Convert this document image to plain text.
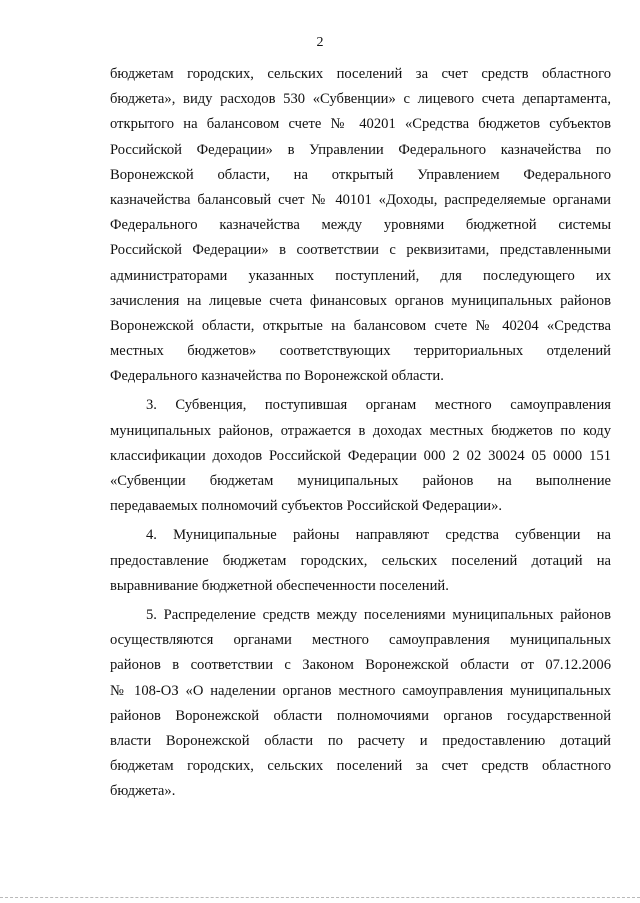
2
бюджетам городских, сельских поселений за счет средств областного
бюджета», виду расходов 530 «Субвенции» с лицевого счета департамента,
открытого на балансовом счете № 40201 «Средства бюджетов субъектов
Российской Федерации» в Управлении Федерального казначейства по
Воронежской области, на открытый Управлением Федерального
казначейства балансовый счет № 40101 «Доходы, распределяемые органами
Федерального казначейства между уровнями бюджетной системы
Российской Федерации» в соответствии с реквизитами, представленными
администраторами указанных поступлений, для последующего их
зачисления на лицевые счета финансовых органов муниципальных районов
Воронежской области, открытые на балансовом счете № 40204 «Средства
местных бюджетов» соответствующих территориальных отделений
Федерального казначейства по Воронежской области.
3. Субвенция, поступившая органам местного самоуправления
муниципальных районов, отражается в доходах местных бюджетов по коду
классификации доходов Российской Федерации 000 2 02 30024 05 0000 151
«Субвенции бюджетам муниципальных районов на выполнение
передаваемых полномочий субъектов Российской Федерации».
4. Муниципальные районы направляют средства субвенции на
предоставление бюджетам городских, сельских поселений дотаций на
выравнивание бюджетной обеспеченности поселений.
5. Распределение средств между поселениями муниципальных районов
осуществляются органами местного самоуправления муниципальных
районов в соответствии с Законом Воронежской области от 07.12.2006
№ 108-ОЗ «О наделении органов местного самоуправления муниципальных
районов Воронежской области полномочиями органов государственной
власти Воронежской области по расчету и предоставлению дотаций
бюджетам городских, сельских поселений за счет средств областного
бюджета».
